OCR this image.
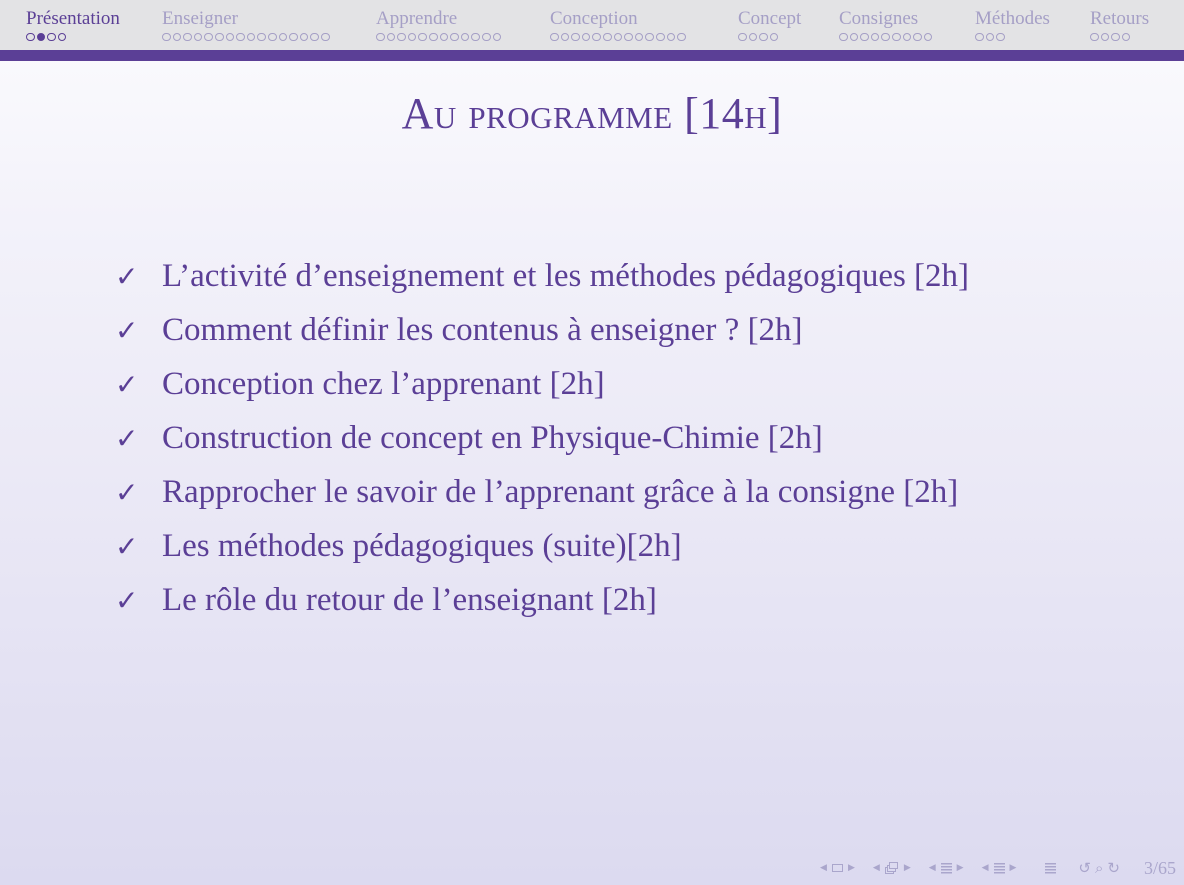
Présentation Enseigner	Apprendre	Conception	Concept Consignes	Méthodes Retours
Au programme [14h]
✓ L’activité d’enseignement et les méthodes pédagogiques [2h]
✓ Comment définir les contenus à enseigner ? [2h]
✓ Conception chez l’apprenant [2h]
✓ Construction de concept en Physique-Chimie [2h]
✓ Rapprocher le savoir de l’apprenant grâce à la consigne [2h]
✓ Les méthodes pédagogiques (suite)[2h]
✓ Le rôle du retour de l’enseignant [2h]
◀ ▶ ◀	▶ ◀ ▶ ◀ ▶	↺ ⌕ ↻ 3/65
